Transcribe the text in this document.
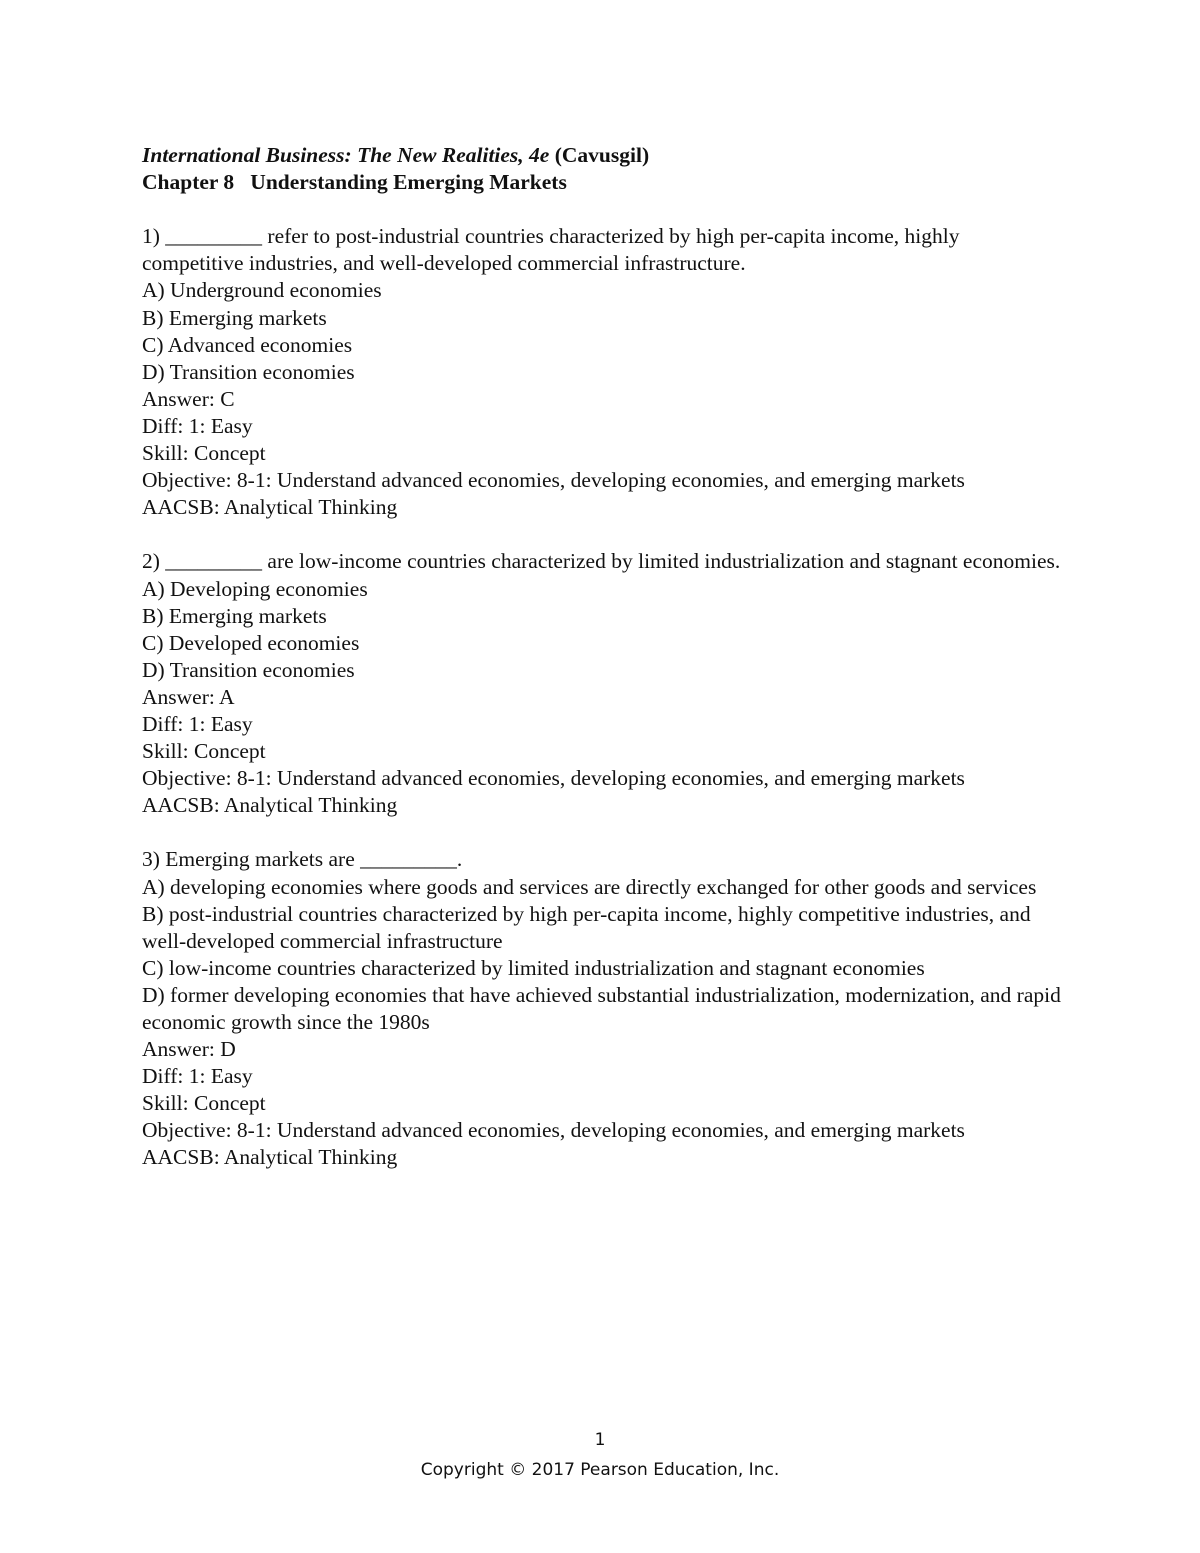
International Business: The New Realities, 4e (Cavusgil)
Chapter 8   Understanding Emerging Markets
1) _________ refer to post-industrial countries characterized by high per-capita income, highly competitive industries, and well-developed commercial infrastructure.
A) Underground economies
B) Emerging markets
C) Advanced economies
D) Transition economies
Answer: C
Diff: 1: Easy
Skill: Concept
Objective: 8-1: Understand advanced economies, developing economies, and emerging markets
AACSB: Analytical Thinking
2) _________ are low-income countries characterized by limited industrialization and stagnant economies.
A) Developing economies
B) Emerging markets
C) Developed economies
D) Transition economies
Answer: A
Diff: 1: Easy
Skill: Concept
Objective: 8-1: Understand advanced economies, developing economies, and emerging markets
AACSB: Analytical Thinking
3) Emerging markets are _________.
A) developing economies where goods and services are directly exchanged for other goods and services
B) post-industrial countries characterized by high per-capita income, highly competitive industries, and well-developed commercial infrastructure
C) low-income countries characterized by limited industrialization and stagnant economies
D) former developing economies that have achieved substantial industrialization, modernization, and rapid economic growth since the 1980s
Answer: D
Diff: 1: Easy
Skill: Concept
Objective: 8-1: Understand advanced economies, developing economies, and emerging markets
AACSB: Analytical Thinking
1
Copyright © 2017 Pearson Education, Inc.
